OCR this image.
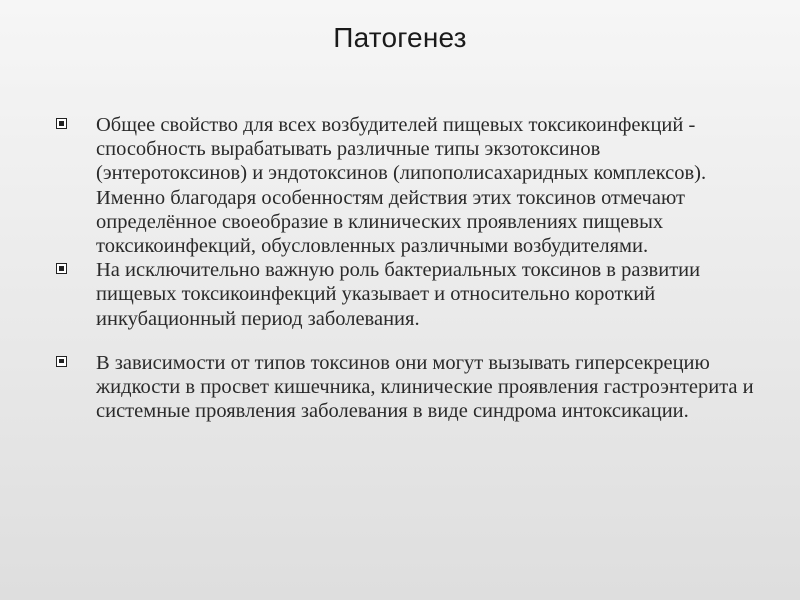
Патогенез
Общее свойство для всех возбудителей пищевых токсикоинфекций - способность вырабатывать различные типы экзотоксинов (энтеротоксинов) и эндотоксинов (липополисахаридных комплексов). Именно благодаря особенностям действия этих токсинов отмечают определённое своеобразие в клинических проявлениях пищевых токсикоинфекций, обусловленных различными возбудителями.
На исключительно важную роль бактериальных токсинов в развитии пищевых токсикоинфекций указывает и относительно короткий инкубационный период заболевания.
В зависимости от типов токсинов они могут вызывать гиперсекрецию жидкости в просвет кишечника, клинические проявления гастроэнтерита и системные проявления заболевания в виде синдрома интоксикации.
